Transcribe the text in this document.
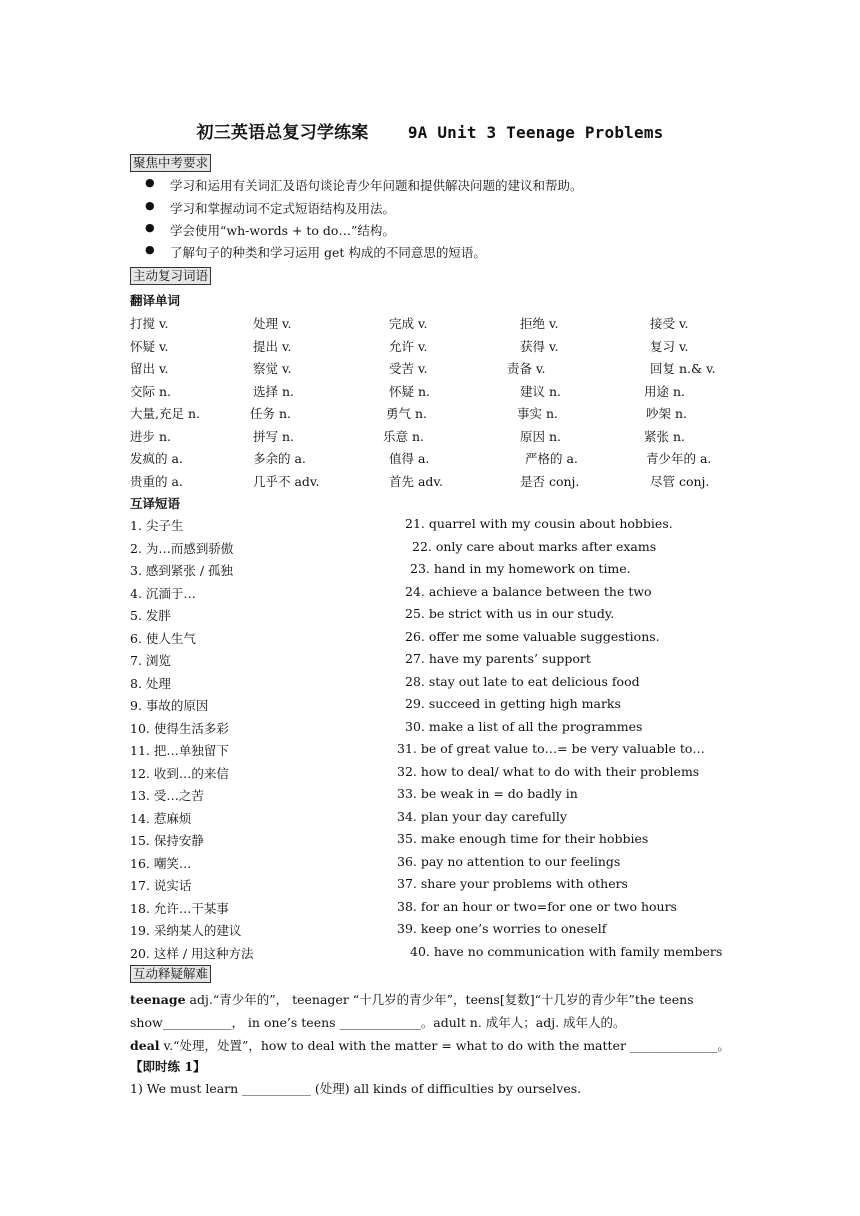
初三英语总复习学练案 9A Unit 3 Teenage Problems
聚焦中考要求
● 学习和运用有关词汇及语句谈论青少年问题和提供解决问题的建议和帮助。
● 学习和掌握动词不定式短语结构及用法。
● 学会使用“wh-words + to do…”结构。
● 了解句子的种类和学习运用 get 构成的不同意思的短语。
主动复习词语
翻译单词
打搅 v.	处理 v.	完成 v.	拒绝 v.	接受 v.
怀疑 v.	提出 v.	允许 v.	获得 v.	复习 v.
留出 v.	察觉 v.	受苦 v.	责备 v.	回复 n.& v.
交际 n.	选择 n.	怀疑 n.	建议 n.	用途 n.
大量,充足 n.	任务 n.	勇气 n.	事实 n.	吵架 n.
进步 n.	拼写 n.	乐意 n.	原因 n.	紧张 n.
发疯的 a.	多余的 a.	值得 a.	严格的 a.	青少年的 a.
贵重的 a.	几乎不 adv.	首先 adv.	是否 conj.	尽管 conj.
互译短语
1. 尖子生
2. 为…而感到骄傲
3. 感到紧张 / 孤独
4. 沉湎于…
5. 发胖
6. 使人生气
7. 浏览
8. 处理
9. 事故的原因
10. 使得生活多彩
11. 把…单独留下
12. 收到…的来信
13. 受…之苦
14. 惹麻烦
15. 保持安静
16. 嘲笑…
17. 说实话
18. 允许…干某事
19. 采纳某人的建议
20. 这样 / 用这种方法
21. quarrel with my cousin about hobbies.
22. only care about marks after exams
23. hand in my homework on time.
24. achieve a balance between the two
25. be strict with us in our study.
26. offer me some valuable suggestions.
27. have my parents’ support
28. stay out late to eat delicious food
29. succeed in getting high marks
30. make a list of all the programmes
31. be of great value to…= be very valuable to…
32. how to deal/ what to do with their problems
33. be weak in = do badly in
34. plan your day carefully
35. make enough time for their hobbies
36. pay no attention to our feelings
37. share your problems with others
38. for an hour or two=for one or two hours
39. keep one’s worries to oneself
40. have no communication with family members
互动释疑解难
teenage adj.“青少年的”， teenager “十几岁的青少年”，teens[复数]“十几岁的青少年”the teens
show___________， in one’s teens _____________。adult n. 成年人；adj. 成年人的。
deal v.“处理，处置”，how to deal with the matter = what to do with the matter ______________。
【即时练 1】
1) We must learn ___________ (处理) all kinds of difficulties by ourselves.
